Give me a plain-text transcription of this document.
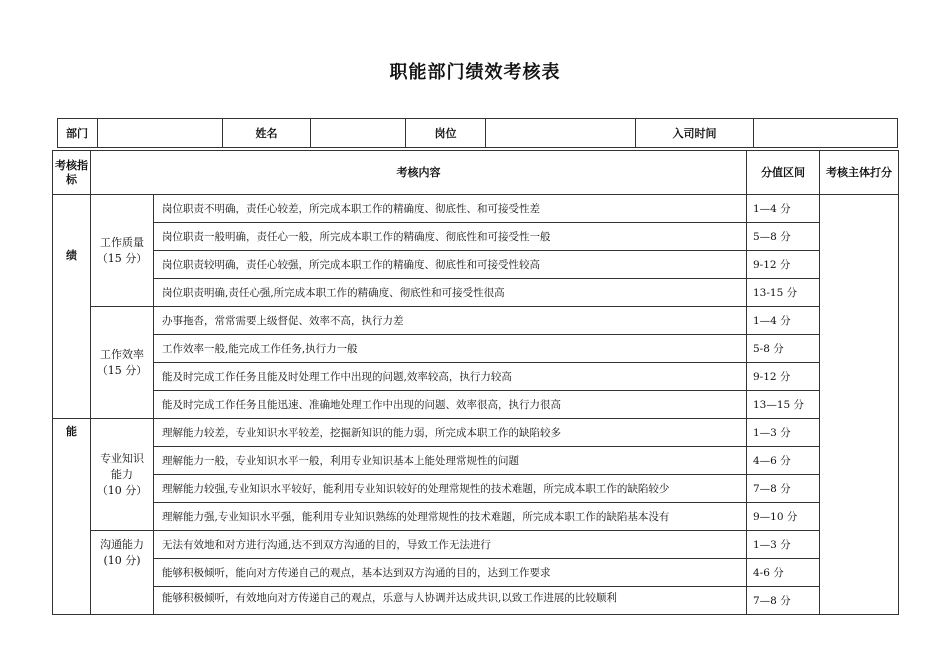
职能部门绩效考核表
部门		姓名		岗位		入司时间	
考核指标	考核内容		分值区间	考核主体打分

绩	工作质量
（15 分）	岗位职责不明确，责任心较差，所完成本职工作的精确度、彻底性、和可接受性差	1—4 分	
		岗位职责一般明确，责任心一般，所完成本职工作的精确度、彻底性和可接受性一般	5—8 分	
		岗位职责较明确，责任心较强，所完成本职工作的精确度、彻底性和可接受性较高	9-12 分	
		岗位职责明确,责任心强,所完成本职工作的精确度、彻底性和可接受性很高	13-15 分	
	工作效率
（15 分）	办事拖沓，常常需要上级督促、效率不高，执行力差	1—4 分	
		工作效率一般,能完成工作任务,执行力一般	5-8 分	
		能及时完成工作任务且能及时处理工作中出现的问题,效率较高，执行力较高	9-12 分	
		能及时完成工作任务且能迅速、准确地处理工作中出现的问题、效率很高，执行力很高	13—15 分	

能	专业知识能力
（10 分）	理解能力较差，专业知识水平较差，挖掘新知识的能力弱，所完成本职工作的缺陷较多	1—3 分	
		理解能力一般，专业知识水平一般，利用专业知识基本上能处理常规性的问题	4—6 分	
		理解能力较强,专业知识水平较好，能利用专业知识较好的处理常规性的技术难题，所完成本职工作的缺陷较少	7—8 分	
		理解能力强,专业知识水平强，能利用专业知识熟练的处理常规性的技术难题，所完成本职工作的缺陷基本没有	9—10 分	
	沟通能力
(10 分)	无法有效地和对方进行沟通,达不到双方沟通的目的，导致工作无法进行	1—3 分	
		能够积极倾听，能向对方传递自己的观点，基本达到双方沟通的目的，达到工作要求	4-6 分	
		能够积极倾听，有效地向对方传递自己的观点，乐意与人协调并达成共识,以致工作进展的比较顺利	7—8 分	
